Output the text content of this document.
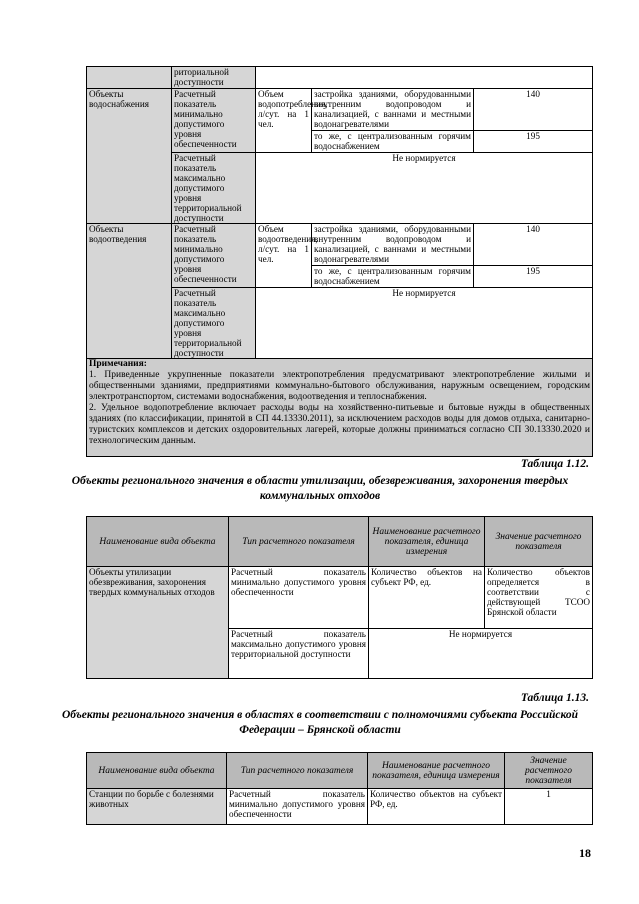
	риториальной доступности			
Объекты водоснабжения	Расчетный показатель минимально допустимого уровня обеспеченности	Объем водопотребления, л/сут. на 1 чел.	застройка зданиями, оборудованными внутренним водопроводом и канализацией, с ваннами и местными водонагревателями	140
			то же, с централизованным горячим водоснабжением	195
	Расчетный показатель максимально допустимого уровня территориальной доступности	Не нормируется		
Объекты водоотведения	Расчетный показатель минимально допустимого уровня обеспеченности	Объем водоотведения, л/сут. на 1 чел.	застройка зданиями, оборудованными внутренним водопроводом и канализацией, с ваннами и местными водонагревателями	140
			то же, с централизованным горячим водоснабжением	195
	Расчетный показатель максимально допустимого уровня территориальной доступности	Не нормируется		
Примечания:
1. Приведенные укрупненные показатели электропотребления предусматривают электропотребление жилыми и общественными зданиями, предприятиями коммунально-бытового обслуживания, наружным освещением, городским электротранспортом, системами водоснабжения, водоотведения и теплоснабжения.
2. Удельное водопотребление включает расходы воды на хозяйственно-питьевые и бытовые нужды в общественных зданиях (по классификации, принятой в СП 44.13330.2011), за исключением расходов воды для домов отдыха, санитарно-туристских комплексов и детских оздоровительных лагерей, которые должны приниматься согласно СП 30.13330.2020 и технологическим данным.				
Таблица 1.12.
Объекты регионального значения в области утилизации, обезвреживания, захоронения твердых коммунальных отходов
Наименование вида объекта	Тип расчетного показателя	Наименование расчетного показателя, единица измерения	Значение расчетного показателя
Объекты утилизации обезвреживания, захоронения твердых коммунальных отходов	Расчетный показатель минимально допустимого уровня обеспеченности	Количество объектов на субъект РФ, ед.	Количество объектов определяется в соответствии с действующей ТСОО Брянской области
	Расчетный показатель максимально допустимого уровня территориальной доступности	Не нормируется	
Таблица 1.13.
Объекты регионального значения в областях в соответствии с полномочиями субъекта Российской Федерации – Брянской области
Наименование вида объекта	Тип расчетного показателя	Наименование расчетного показателя, единица измерения	Значение расчетного показателя
Станции по борьбе с болезнями животных	Расчетный показатель минимально допустимого уровня обеспеченности	Количество объектов на субъект РФ, ед.	1
18
